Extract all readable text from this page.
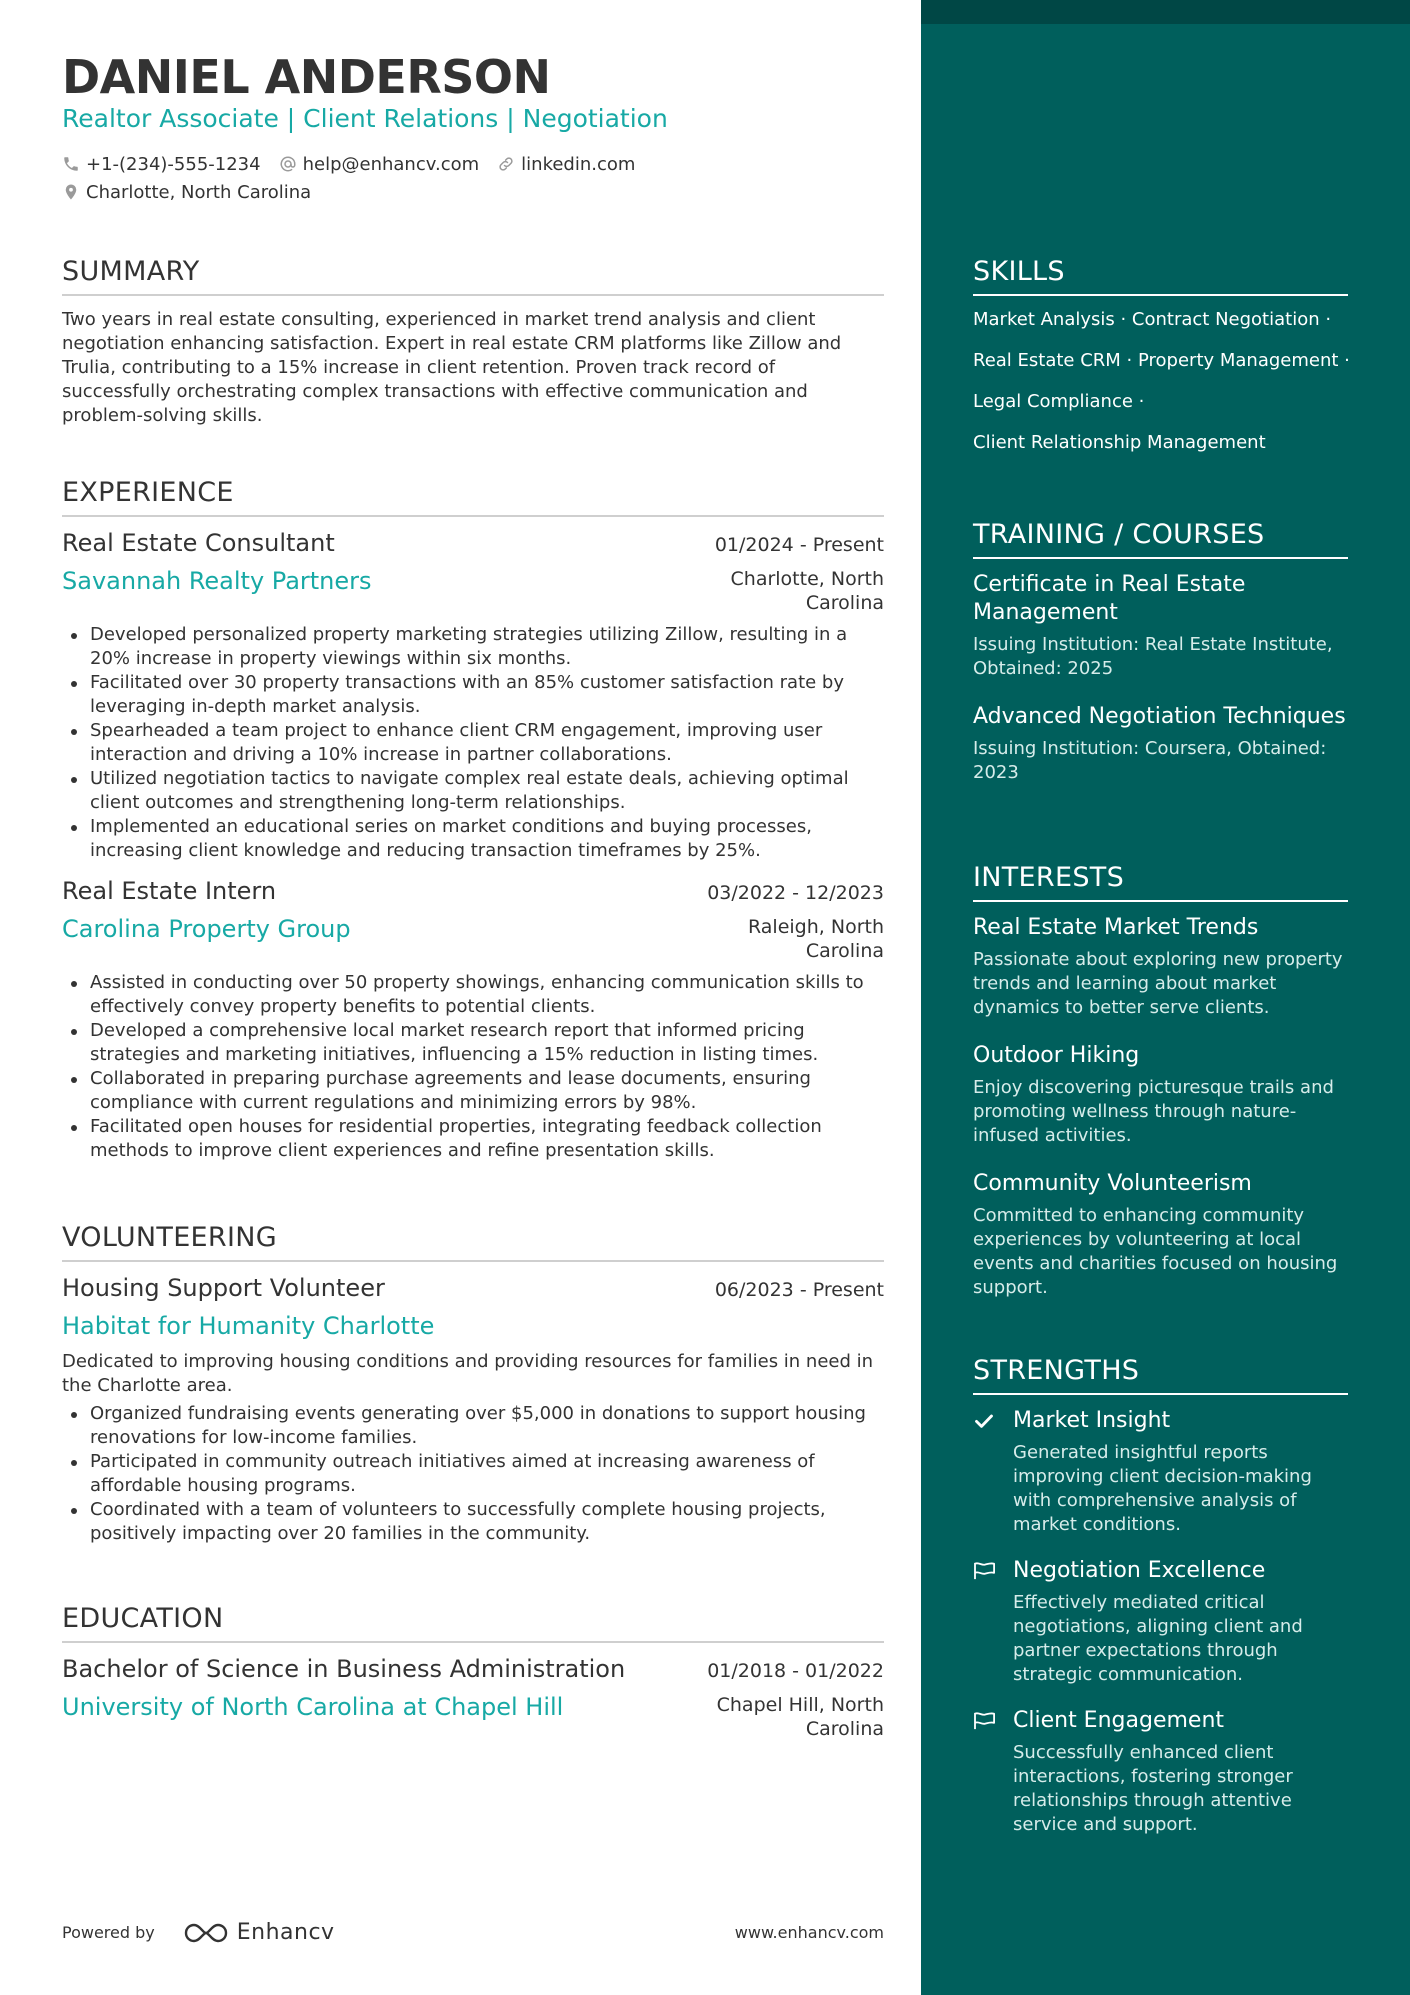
DANIEL ANDERSON
Realtor Associate | Client Relations | Negotiation
+1-(234)-555-1234 help@enhancv.com linkedin.com
Charlotte, North Carolina
SUMMARY
Two years in real estate consulting, experienced in market trend analysis and client negotiation enhancing satisfaction. Expert in real estate CRM platforms like Zillow and Trulia, contributing to a 15% increase in client retention. Proven track record of successfully orchestrating complex transactions with effective communication and problem-solving skills.
EXPERIENCE
Real Estate Consultant	01/2024 - Present
Savannah Realty Partners	Charlotte, North
Carolina
Developed personalized property marketing strategies utilizing Zillow, resulting in a 20% increase in property viewings within six months.
Facilitated over 30 property transactions with an 85% customer satisfaction rate by leveraging in-depth market analysis.
Spearheaded a team project to enhance client CRM engagement, improving user interaction and driving a 10% increase in partner collaborations.
Utilized negotiation tactics to navigate complex real estate deals, achieving optimal client outcomes and strengthening long-term relationships.
Implemented an educational series on market conditions and buying processes, increasing client knowledge and reducing transaction timeframes by 25%.
Real Estate Intern	03/2022 - 12/2023
Carolina Property Group	Raleigh, North
Carolina
Assisted in conducting over 50 property showings, enhancing communication skills to effectively convey property benefits to potential clients.
Developed a comprehensive local market research report that informed pricing strategies and marketing initiatives, influencing a 15% reduction in listing times.
Collaborated in preparing purchase agreements and lease documents, ensuring compliance with current regulations and minimizing errors by 98%.
Facilitated open houses for residential properties, integrating feedback collection methods to improve client experiences and refine presentation skills.
VOLUNTEERING
Housing Support Volunteer	06/2023 - Present
Habitat for Humanity Charlotte
Dedicated to improving housing conditions and providing resources for families in need in the Charlotte area.
Organized fundraising events generating over $5,000 in donations to support housing renovations for low-income families.
Participated in community outreach initiatives aimed at increasing awareness of affordable housing programs.
Coordinated with a team of volunteers to successfully complete housing projects, positively impacting over 20 families in the community.
EDUCATION
Bachelor of Science in Business Administration	01/2018 - 01/2022
University of North Carolina at Chapel Hill	Chapel Hill, North
Carolina
Powered by	Enhancv	www.enhancv.com
SKILLS
Market Analysis · Contract Negotiation ·
Real Estate CRM · Property Management ·
Legal Compliance ·
Client Relationship Management
TRAINING / COURSES
Certificate in Real Estate Management
Issuing Institution: Real Estate Institute, Obtained: 2025
Advanced Negotiation Techniques
Issuing Institution: Coursera, Obtained: 2023
INTERESTS
Real Estate Market Trends
Passionate about exploring new property trends and learning about market dynamics to better serve clients.
Outdoor Hiking
Enjoy discovering picturesque trails and promoting wellness through nature-infused activities.
Community Volunteerism
Committed to enhancing community experiences by volunteering at local events and charities focused on housing support.
STRENGTHS
Market Insight
Generated insightful reports improving client decision-making with comprehensive analysis of market conditions.
Negotiation Excellence
Effectively mediated critical negotiations, aligning client and partner expectations through strategic communication.
Client Engagement
Successfully enhanced client interactions, fostering stronger relationships through attentive service and support.
